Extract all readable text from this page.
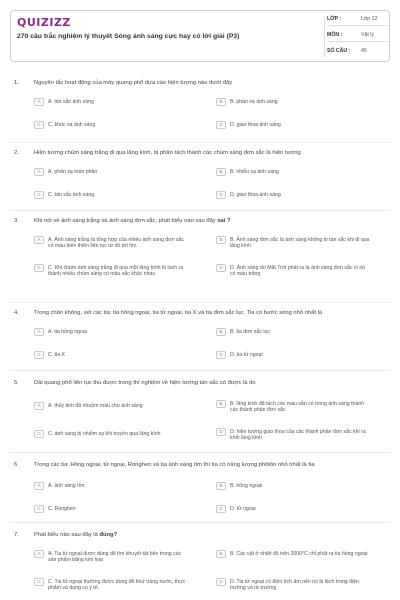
QUIZIZZ
270 câu trắc nghiệm lý thuyết Sóng ánh sáng cực hay có lời giải (P3)
LỚP :	Lớp 12
MÔN :	Vật lý
SỐ CÂU : 45
1.	Nguyên tắc hoạt động của máy quang phổ dựa vào hiện tượng nào dưới đây
A	A. tán sắc ánh sáng	B	B. phản xạ ánh sáng
C	C. khúc xạ ánh sáng	D	D. giao thoa ánh sáng
2.	Hiện tượng chùm sáng trắng đi qua lăng kính, bị phân tách thành các chùm sáng đơn sắc là hiện tượng
A	A. phản xạ toàn phần	B	B. nhiễu xạ ánh sáng
C	C. tán sắc ánh sáng	D	D. giao thoa ánh sáng
3.	Khi nói về ánh sáng trắng và ánh sáng đơn sắc, phát biểu nào sau đây sai ?
A	A. Ánh sáng trắng là tổng hợp của nhiều ánh sáng đơn sắc có màu biến thiên liên tục từ đỏ tới tím
B	B. Ánh sáng đơn sắc là ánh sáng không bị tán sắc khi đi qua lăng kính
C	C. Khi chùm ánh sáng trắng đi qua một lăng kính bị tách ra thành nhiều chùm sáng có màu sắc khác nhau
D	D. Ánh sáng do Mặt Trời phát ra là ánh sáng đơn sắc vì nó có màu trắng
4.	Trong chân không, xét các tia: tia hồng ngoại, tia tử ngoại, tia X và tia đơn sắc lục. Tia có bước sóng nhỏ nhất là
A	A. tia hồng ngoại	B	B. tia đơn sắc lục
C	C. tia X	D	D. tia tử ngoại
5.	Dải quang phổ liên tục thu được trong thí nghiệm về hiện tượng tán sắc có được là do
A	A. thủy tinh đã nhuộm màu cho ánh sáng	B	B. lăng kính đã tách các màu sẵn có trong ánh sáng thành các thành phần đơn sắc
C	C. ánh sáng bị nhiễm xạ khi truyền qua lăng kính	D	D. hiện tượng giao thoa của các thành phần đơn sắc khi ra khỏi lăng kính
6.	Trong các tia: Hồng ngoại, tử ngoại, Ronghen và tia ánh sáng tím thì tia có năng lượng phôtôn nhỏ nhất là tia
A	A. ánh sáng tím.	B	B. hồng ngoại
C	C. Ronghen	D	D. tử ngoại
7.	Phát biểu nào sau đây là đúng?
A	A. Tia tử ngoại được dùng để tìm khuyết tật bên trong các sản phẩm bằng kim loại
B	B. Các vật ở nhiệt độ trên 2000°C chỉ phát ra tia hồng ngoại
C	C. Tia tử ngoại thường được dùng để khử trùng nước, thực phẩm và dụng cụ y tế.
D	D. Tia tử ngoại có điện tích âm nên nó bị lệch trong điện trường và từ trường
